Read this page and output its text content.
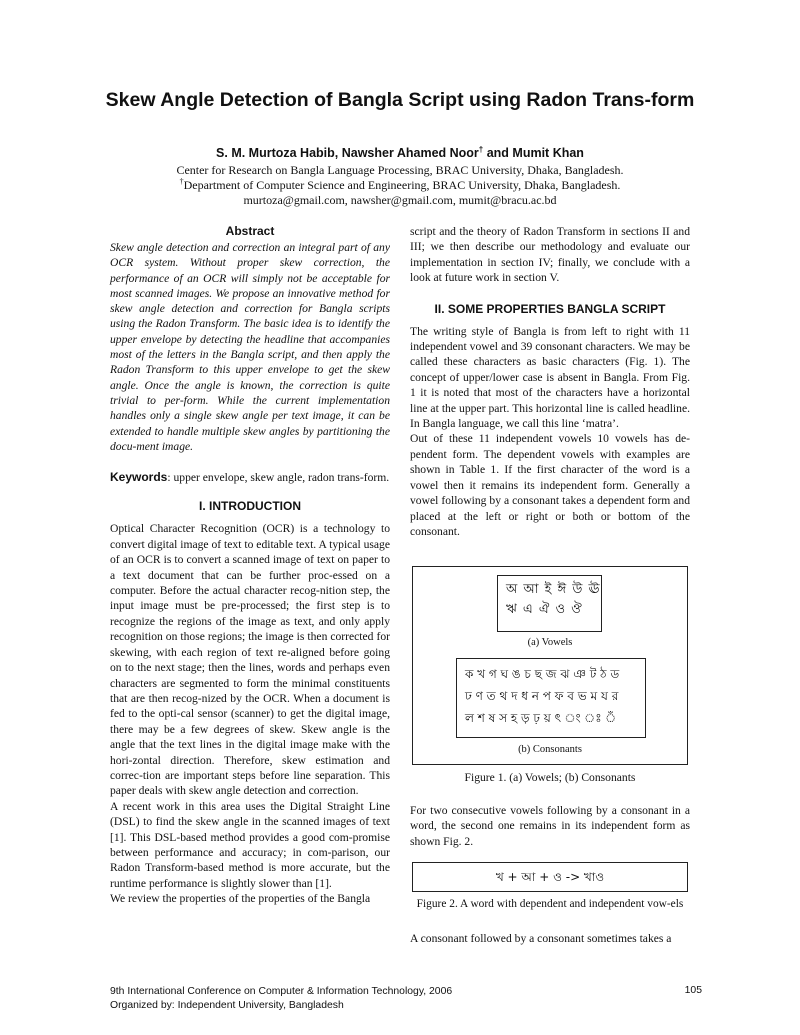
Skew Angle Detection of Bangla Script using Radon Trans-form
S. M. Murtoza Habib, Nawsher Ahamed Noor† and Mumit Khan
Center for Research on Bangla Language Processing, BRAC University, Dhaka, Bangladesh.
†Department of Computer Science and Engineering, BRAC University, Dhaka, Bangladesh.
murtoza@gmail.com, nawsher@gmail.com, mumit@bracu.ac.bd
Abstract

Skew angle detection and correction an integral part of any OCR system. Without proper skew correction, the performance of an OCR will simply not be acceptable for most scanned images. We propose an innovative method for skew angle detection and correction for Bangla scripts using the Radon Transform. The basic idea is to identify the upper envelope by detecting the headline that accompanies most of the letters in the Bangla script, and then apply the Radon Transform to this upper envelope to get the skew angle. Once the angle is known, the correction is quite trivial to per-form. While the current implementation handles only a single skew angle per text image, it can be extended to handle multiple skew angles by partitioning the docu-ment image.

Keywords: upper envelope, skew angle, radon trans-form.

I. INTRODUCTION

Optical Character Recognition (OCR) is a technology to convert digital image of text to editable text. A typical usage of an OCR is to convert a scanned image of text on paper to a text document that can be further proc-essed on a computer. Before the actual character recog-nition step, the input image must be pre-processed; the first step is to recognize the regions of the image as text, and only apply recognition on those regions; the image is then corrected for skewing, with each region of text re-aligned before going on to the next stage; then the lines, words and perhaps even characters are segmented to form the minimal constituents that are then recog-nized by the OCR. When a document is fed to the opti-cal sensor (scanner) to get the digital image, there may be a few degrees of skew. Skew angle is the angle that the text lines in the digital image make with the hori-zontal direction. Therefore, skew estimation and correc-tion are important steps before line separation. This paper deals with skew angle detection and correction.

A recent work in this area uses the Digital Straight Line (DSL) to find the skew angle in the scanned images of text [1]. This DSL-based method provides a good com-promise between performance and accuracy; in com-parison, our Radon Transform-based method is more accurate, but the runtime performance is slightly slower than [1].

We review the properties of the properties of the Bangla

script and the theory of Radon Transform in sections II and III; we then describe our methodology and evaluate our implementation in section IV; finally, we conclude with a look at future work in section V.

II. SOME PROPERTIES BANGLA SCRIPT

The writing style of Bangla is from left to right with 11 independent vowel and 39 consonant characters. We may be called these characters as basic characters (Fig. 1). The concept of upper/lower case is absent in Bangla. From Fig. 1 it is noted that most of the characters have a horizontal line at the upper part. This horizontal line is called headline. In Bangla language, we call this line ‘matra’.

Out of these 11 independent vowels 10 vowels has de-pendent form. The dependent vowels with examples are shown in Table 1. If the first character of the word is a vowel then it remains its independent form. Generally a vowel following by a consonant takes a dependent form and placed at the left or right or both or bottom of the consonant.

অ আ ই ঈ উ ঊ
ঋ এ ঐ ও ঔ
(a) Vowels
ক খ গ ঘ ঙ চ ছ জ ঝ ঞ ট ঠ ড
ঢ ণ ত থ দ ধ ন প ফ ব ভ ম য র
ল শ ষ স হ ড় ঢ় য় ৎ ং ঃ ঁ
(b) Consonants
Figure 1. (a) Vowels; (b) Consonants

For two consecutive vowels following by a consonant in a word, the second one remains in its independent form as shown Fig. 2.

খ + আ + ও -> খাও
Figure 2. A word with dependent and independent vow-els

A consonant followed by a consonant sometimes takes a

9th International Conference on Computer & Information Technology, 2006
Organized by: Independent University, Bangladesh
105
